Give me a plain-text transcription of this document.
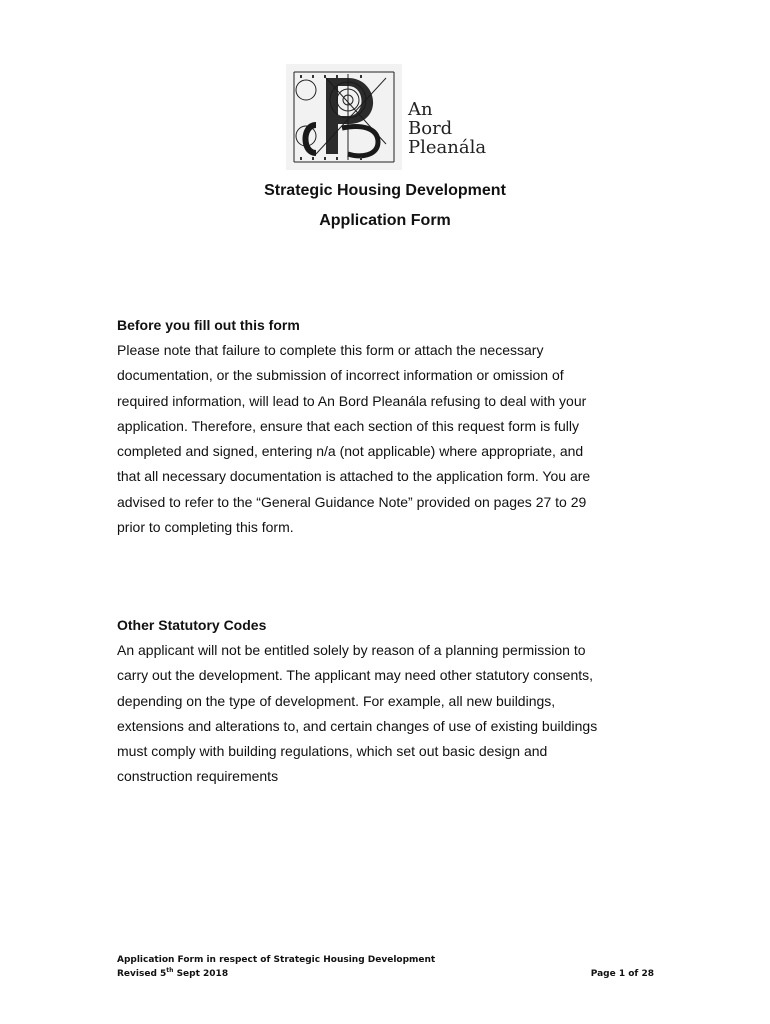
An
Bord
Pleanála
Strategic Housing Development
Application Form
Before you fill out this form

Please note that failure to complete this form or attach the necessary

documentation, or the submission of incorrect information or omission of

required information, will lead to An Bord Pleanála refusing to deal with your

application. Therefore, ensure that each section of this request form is fully

completed and signed, entering n/a (not applicable) where appropriate, and

that all necessary documentation is attached to the application form. You are

advised to refer to the “General Guidance Note” provided on pages 27 to 29

prior to completing this form.

Other Statutory Codes

An applicant will not be entitled solely by reason of a planning permission to

carry out the development. The applicant may need other statutory consents,

depending on the type of development. For example, all new buildings,

extensions and alterations to, and certain changes of use of existing buildings

must comply with building regulations, which set out basic design and

construction requirements

Application Form in respect of Strategic Housing Development
Revised 5th Sept 2018	Page 1 of 28
